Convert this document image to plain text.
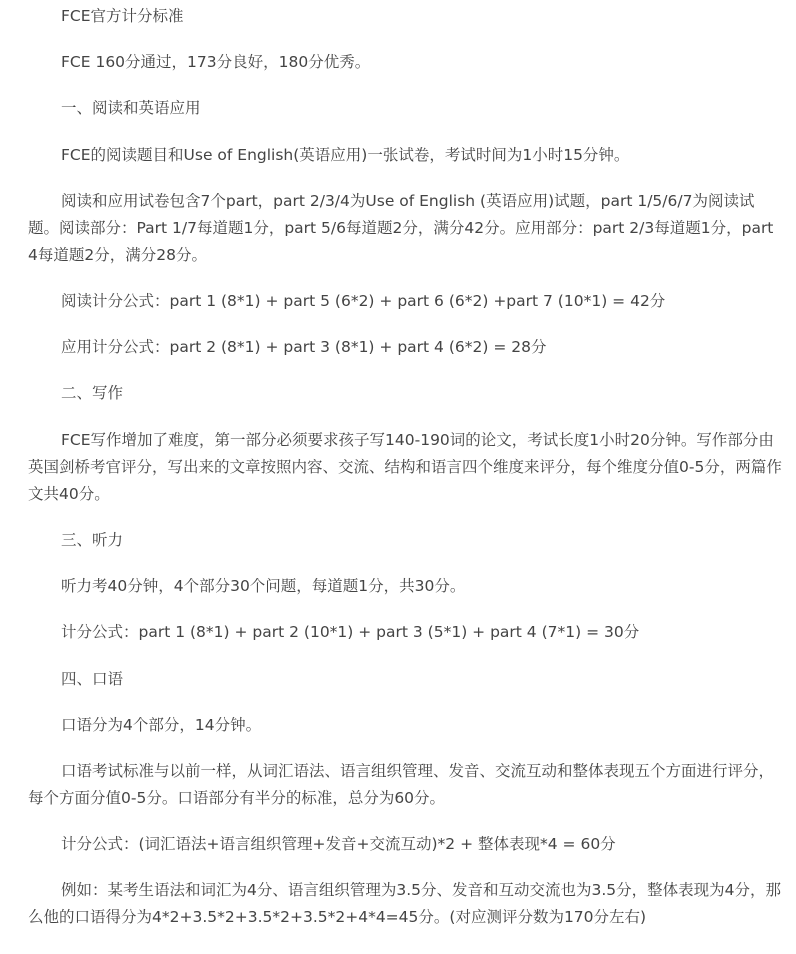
FCE官方计分标准

FCE 160分通过，173分良好，180分优秀。

一、阅读和英语应用

FCE的阅读题目和Use of English(英语应用)一张试卷，考试时间为1小时15分钟。

阅读和应用试卷包含7个part，part 2/3/4为Use of English (英语应用)试题，part 1/5/6/7为阅读试题。阅读部分：Part 1/7每道题1分，part 5/6每道题2分，满分42分。应用部分：part 2/3每道题1分，part 4每道题2分，满分28分。

阅读计分公式：part 1 (8*1) + part 5 (6*2) + part 6 (6*2) +part 7 (10*1) = 42分

应用计分公式：part 2 (8*1) + part 3 (8*1) + part 4 (6*2) = 28分

二、写作

FCE写作增加了难度，第一部分必须要求孩子写140-190词的论文，考试长度1小时20分钟。写作部分由英国剑桥考官评分，写出来的文章按照内容、交流、结构和语言四个维度来评分，每个维度分值0-5分，两篇作文共40分。

三、听力

听力考40分钟，4个部分30个问题，每道题1分，共30分。

计分公式：part 1 (8*1) + part 2 (10*1) + part 3 (5*1) + part 4 (7*1) = 30分

四、口语

口语分为4个部分，14分钟。

口语考试标准与以前一样，从词汇语法、语言组织管理、发音、交流互动和整体表现五个方面进行评分，每个方面分值0-5分。口语部分有半分的标准，总分为60分。

计分公式：(词汇语法+语言组织管理+发音+交流互动)*2 + 整体表现*4 = 60分

例如：某考生语法和词汇为4分、语言组织管理为3.5分、发音和互动交流也为3.5分，整体表现为4分，那么他的口语得分为4*2+3.5*2+3.5*2+3.5*2+4*4=45分。(对应测评分数为170分左右)
